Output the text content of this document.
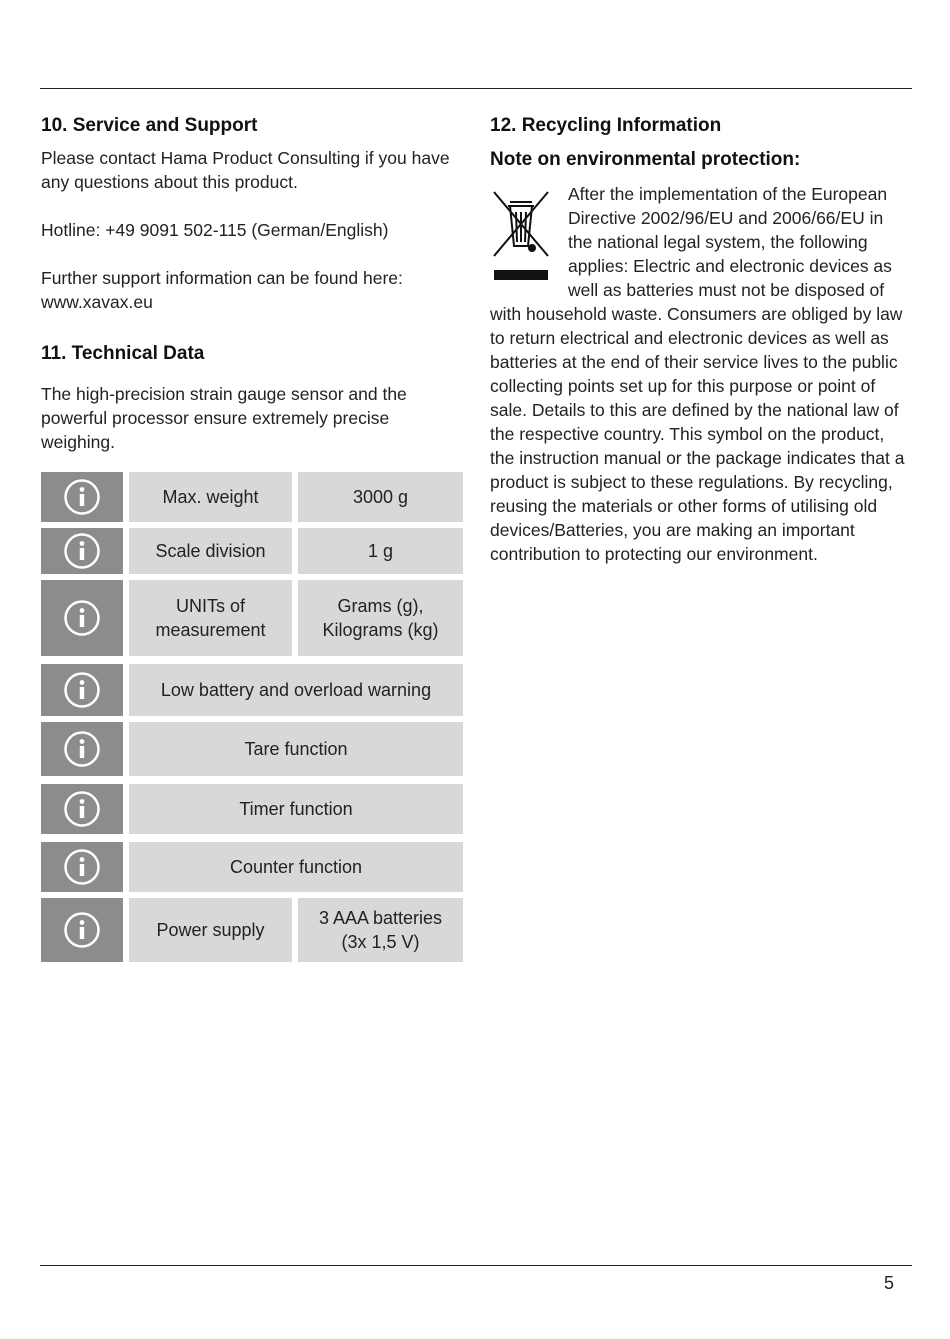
10. Service and Support

Please contact Hama Product Consulting if you have any questions about this product.

Hotline: +49 9091 502-115 (German/English)

Further support information can be found here: www.xavax.eu

11. Technical Data

The high-precision strain gauge sensor and the powerful processor ensure extremely precise weighing.

Max. weight	3000 g
Scale division	1 g
UNITs of measurement
Grams (g), Kilograms (kg)
Low battery and overload warning
Tare function
Timer function
Counter function
Power supply
3 AAA batteries (3x 1,5 V)
12. Recycling Information
Note on environmental protection:

After the implementation of the European Directive 2002/96/EU and 2006/66/EU in the national legal system, the following applies: Electric and electronic devices as well as batteries must not be disposed of with household waste. Consumers are obliged by law to return electrical and electronic devices as well as batteries at the end of their service lives to the public collecting points set up for this purpose or point of sale. Details to this are defined by the national law of the respective country. This symbol on the product, the instruction manual or the package indicates that a product is subject to these regulations. By recycling, reusing the materials or other forms of utilising old devices/Batteries, you are making an important contribution to protecting our environment.

5
